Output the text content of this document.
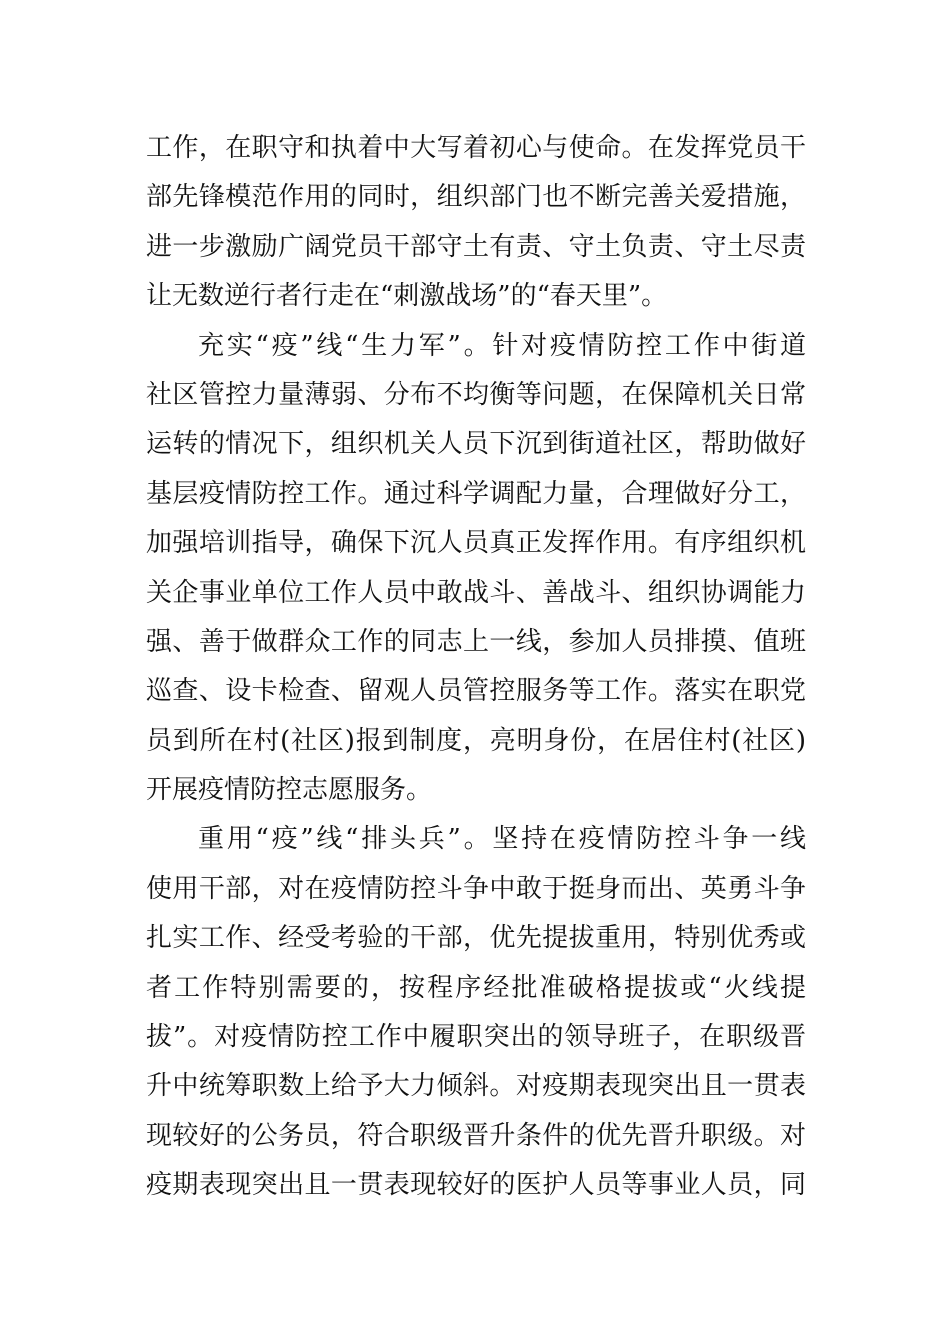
工作，在职守和执着中大写着初心与使命。在发挥党员干
部先锋模范作用的同时，组织部门也不断完善关爱措施，
进一步激励广阔党员干部守土有责、守土负责、守土尽责
让无数逆行者行走在“刺激战场”的“春天里”。
充实“疫”线“生力军”。针对疫情防控工作中街道
社区管控力量薄弱、分布不均衡等问题，在保障机关日常
运转的情况下，组织机关人员下沉到街道社区，帮助做好
基层疫情防控工作。通过科学调配力量，合理做好分工，
加强培训指导，确保下沉人员真正发挥作用。有序组织机
关企事业单位工作人员中敢战斗、善战斗、组织协调能力
强、善于做群众工作的同志上一线，参加人员排摸、值班
巡查、设卡检查、留观人员管控服务等工作。落实在职党
员到所在村(社区)报到制度，亮明身份，在居住村(社区)
开展疫情防控志愿服务。
重用“疫”线“排头兵”。坚持在疫情防控斗争一线
使用干部，对在疫情防控斗争中敢于挺身而出、英勇斗争
扎实工作、经受考验的干部，优先提拔重用，特别优秀或
者工作特别需要的，按程序经批准破格提拔或“火线提
拔”。对疫情防控工作中履职突出的领导班子，在职级晋
升中统筹职数上给予大力倾斜。对疫期表现突出且一贯表
现较好的公务员，符合职级晋升条件的优先晋升职级。对
疫期表现突出且一贯表现较好的医护人员等事业人员，同
